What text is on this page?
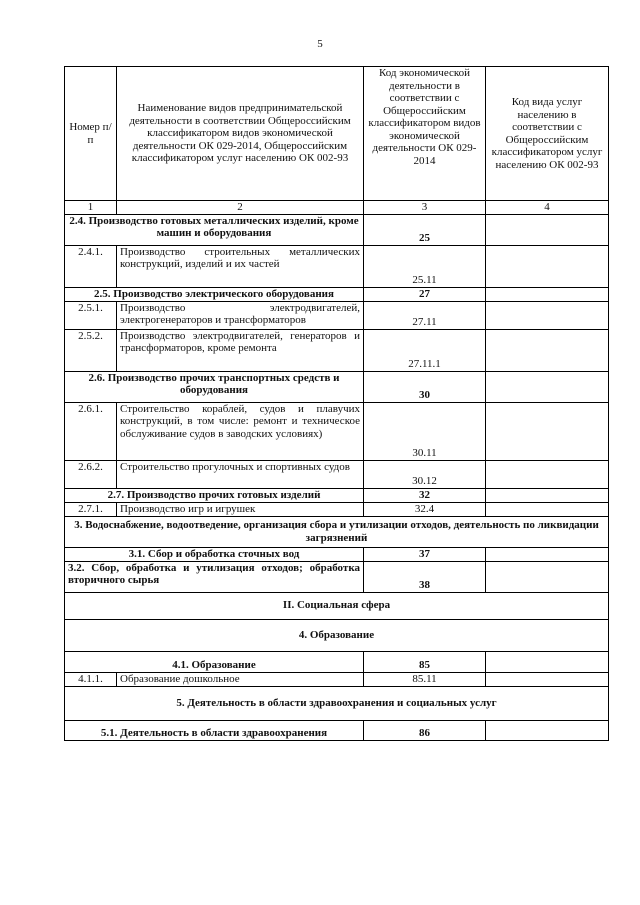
5
Номер п/п	Наименование видов предпринимательской деятельности в соответствии Общероссийским классификатором видов экономической деятельности ОК 029-2014, Общероссийским классификатором услуг населению ОК 002-93	Код экономической деятельности в соответствии с Общероссийским классификатором видов экономической деятельности ОК 029-2014	Код вида услуг населению в соответствии с Общероссийским классификатором услуг населению ОК 002-93
1	2	3	4
2.4. Производство готовых металлических изделий, кроме машин и оборудования		25	
2.4.1.	Производство строительных металлических конструкций, изделий и их частей	25.11	
2.5. Производство электрического оборудования		27	
2.5.1.	Производство электродвигателей, электрогенераторов и трансформаторов	27.11	
2.5.2.	Производство электродвигателей, генераторов и трансформаторов, кроме ремонта	27.11.1	
2.6. Производство прочих транспортных средств и оборудования		30	
2.6.1.	Строительство кораблей, судов и плавучих конструкций, в том числе: ремонт и техническое обслуживание судов в заводских условиях)	30.11	
2.6.2.	Строительство прогулочных и спортивных судов	30.12	
2.7. Производство прочих готовых изделий		32	
2.7.1.	Производство игр и игрушек	32.4	
3. Водоснабжение, водоотведение, организация сбора и утилизации отходов, деятельность по ликвидации загрязнений			
3.1. Сбор и обработка сточных вод		37	
3.2. Сбор, обработка и утилизация отходов; обработка вторичного сырья		38	
II. Социальная сфера			
4. Образование			
4.1. Образование		85	
4.1.1.	Образование дошкольное	85.11	
5. Деятельность в области здравоохранения и социальных услуг			
5.1. Деятельность в области здравоохранения		86	
